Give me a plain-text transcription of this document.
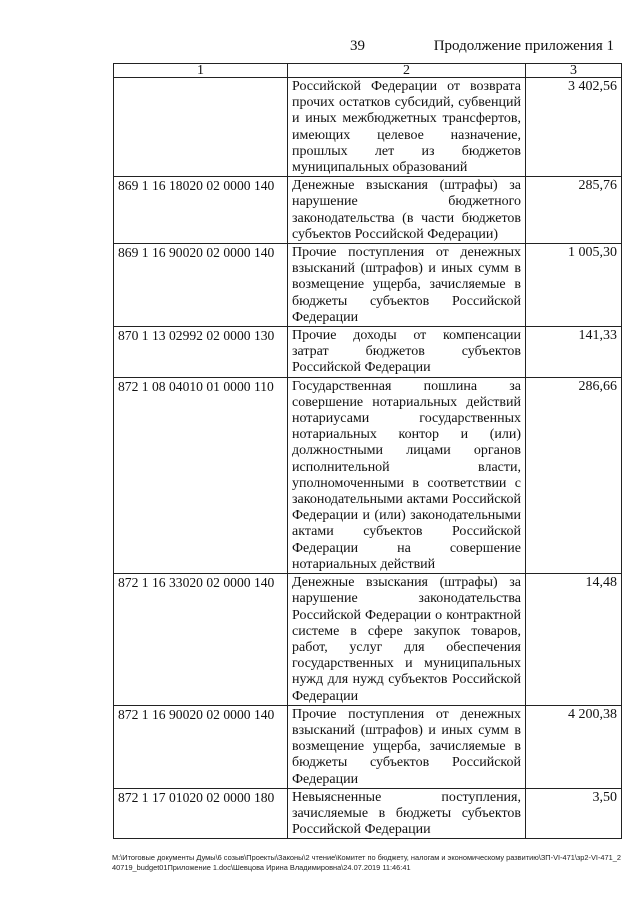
39	Продолжение приложения 1
1	2	3
	Российской Федерации от возврата прочих остатков субсидий, субвенций и иных межбюджетных трансфертов, имеющих целевое назначение, прошлых лет из бюджетов муниципальных образований	3 402,56
869 1 16 18020 02 0000 140	Денежные взыскания (штрафы) за нарушение бюджетного законодательства (в части бюджетов субъектов Российской Федерации)	285,76
869 1 16 90020 02 0000 140	Прочие поступления от денежных взысканий (штрафов) и иных сумм в возмещение ущерба, зачисляемые в бюджеты субъектов Российской Федерации	1 005,30
870 1 13 02992 02 0000 130	Прочие доходы от компенсации затрат бюджетов субъектов Российской Федерации	141,33
872 1 08 04010 01 0000 110	Государственная пошлина за совершение нотариальных действий нотариусами государственных нотариальных контор и (или) должностными лицами органов исполнительной власти, уполномоченными в соответствии с законодательными актами Российской Федерации и (или) законодательными актами субъектов Российской Федерации на совершение нотариальных действий	286,66
872 1 16 33020 02 0000 140	Денежные взыскания (штрафы) за нарушение законодательства Российской Федерации о контрактной системе в сфере закупок товаров, работ, услуг для обеспечения государственных и муниципальных нужд для нужд субъектов Российской Федерации	14,48
872 1 16 90020 02 0000 140	Прочие поступления от денежных взысканий (штрафов) и иных сумм в возмещение ущерба, зачисляемые в бюджеты субъектов Российской Федерации	4 200,38
872 1 17 01020 02 0000 180	Невыясненные поступления, зачисляемые в бюджеты субъектов Российской Федерации	3,50
М:\Итоговые документы Думы\6 созыв\Проекты\Законы\2 чтение\Комитет по бюджету, налогам и экономическому развитию\ЗП-VI-471\зр2-VI-471_240719_budget01Приложение 1.doc\Шевцова Ирина Владимировна\24.07.2019 11:46:41
